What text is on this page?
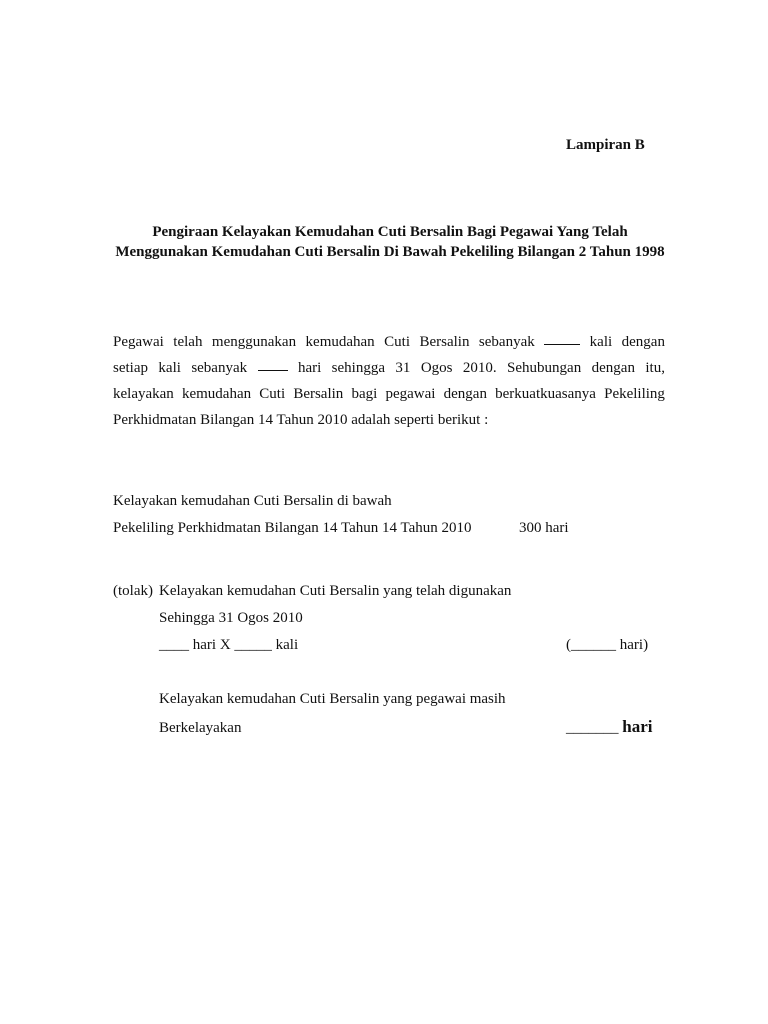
Lampiran B
Pengiraan Kelayakan Kemudahan Cuti Bersalin Bagi Pegawai Yang Telah
Menggunakan Kemudahan Cuti Bersalin Di Bawah Pekeliling Bilangan 2 Tahun 1998
Pegawai telah menggunakan kemudahan Cuti Bersalin sebanyak	kali dengan
setiap kali sebanyak	hari sehingga 31 Ogos 2010. Sehubungan dengan itu,
kelayakan kemudahan Cuti Bersalin bagi pegawai dengan berkuatkuasanya Pekeliling
Perkhidmatan Bilangan 14 Tahun 2010 adalah seperti berikut :
Kelayakan kemudahan Cuti Bersalin di bawah
Pekeliling Perkhidmatan Bilangan 14 Tahun 14 Tahun 2010	300 hari
(tolak) Kelayakan kemudahan Cuti Bersalin yang telah digunakan
Sehingga 31 Ogos 2010
____ hari X _____ kali	(______ hari)
Kelayakan kemudahan Cuti Bersalin yang pegawai masih
Berkelayakan	_______ hari
